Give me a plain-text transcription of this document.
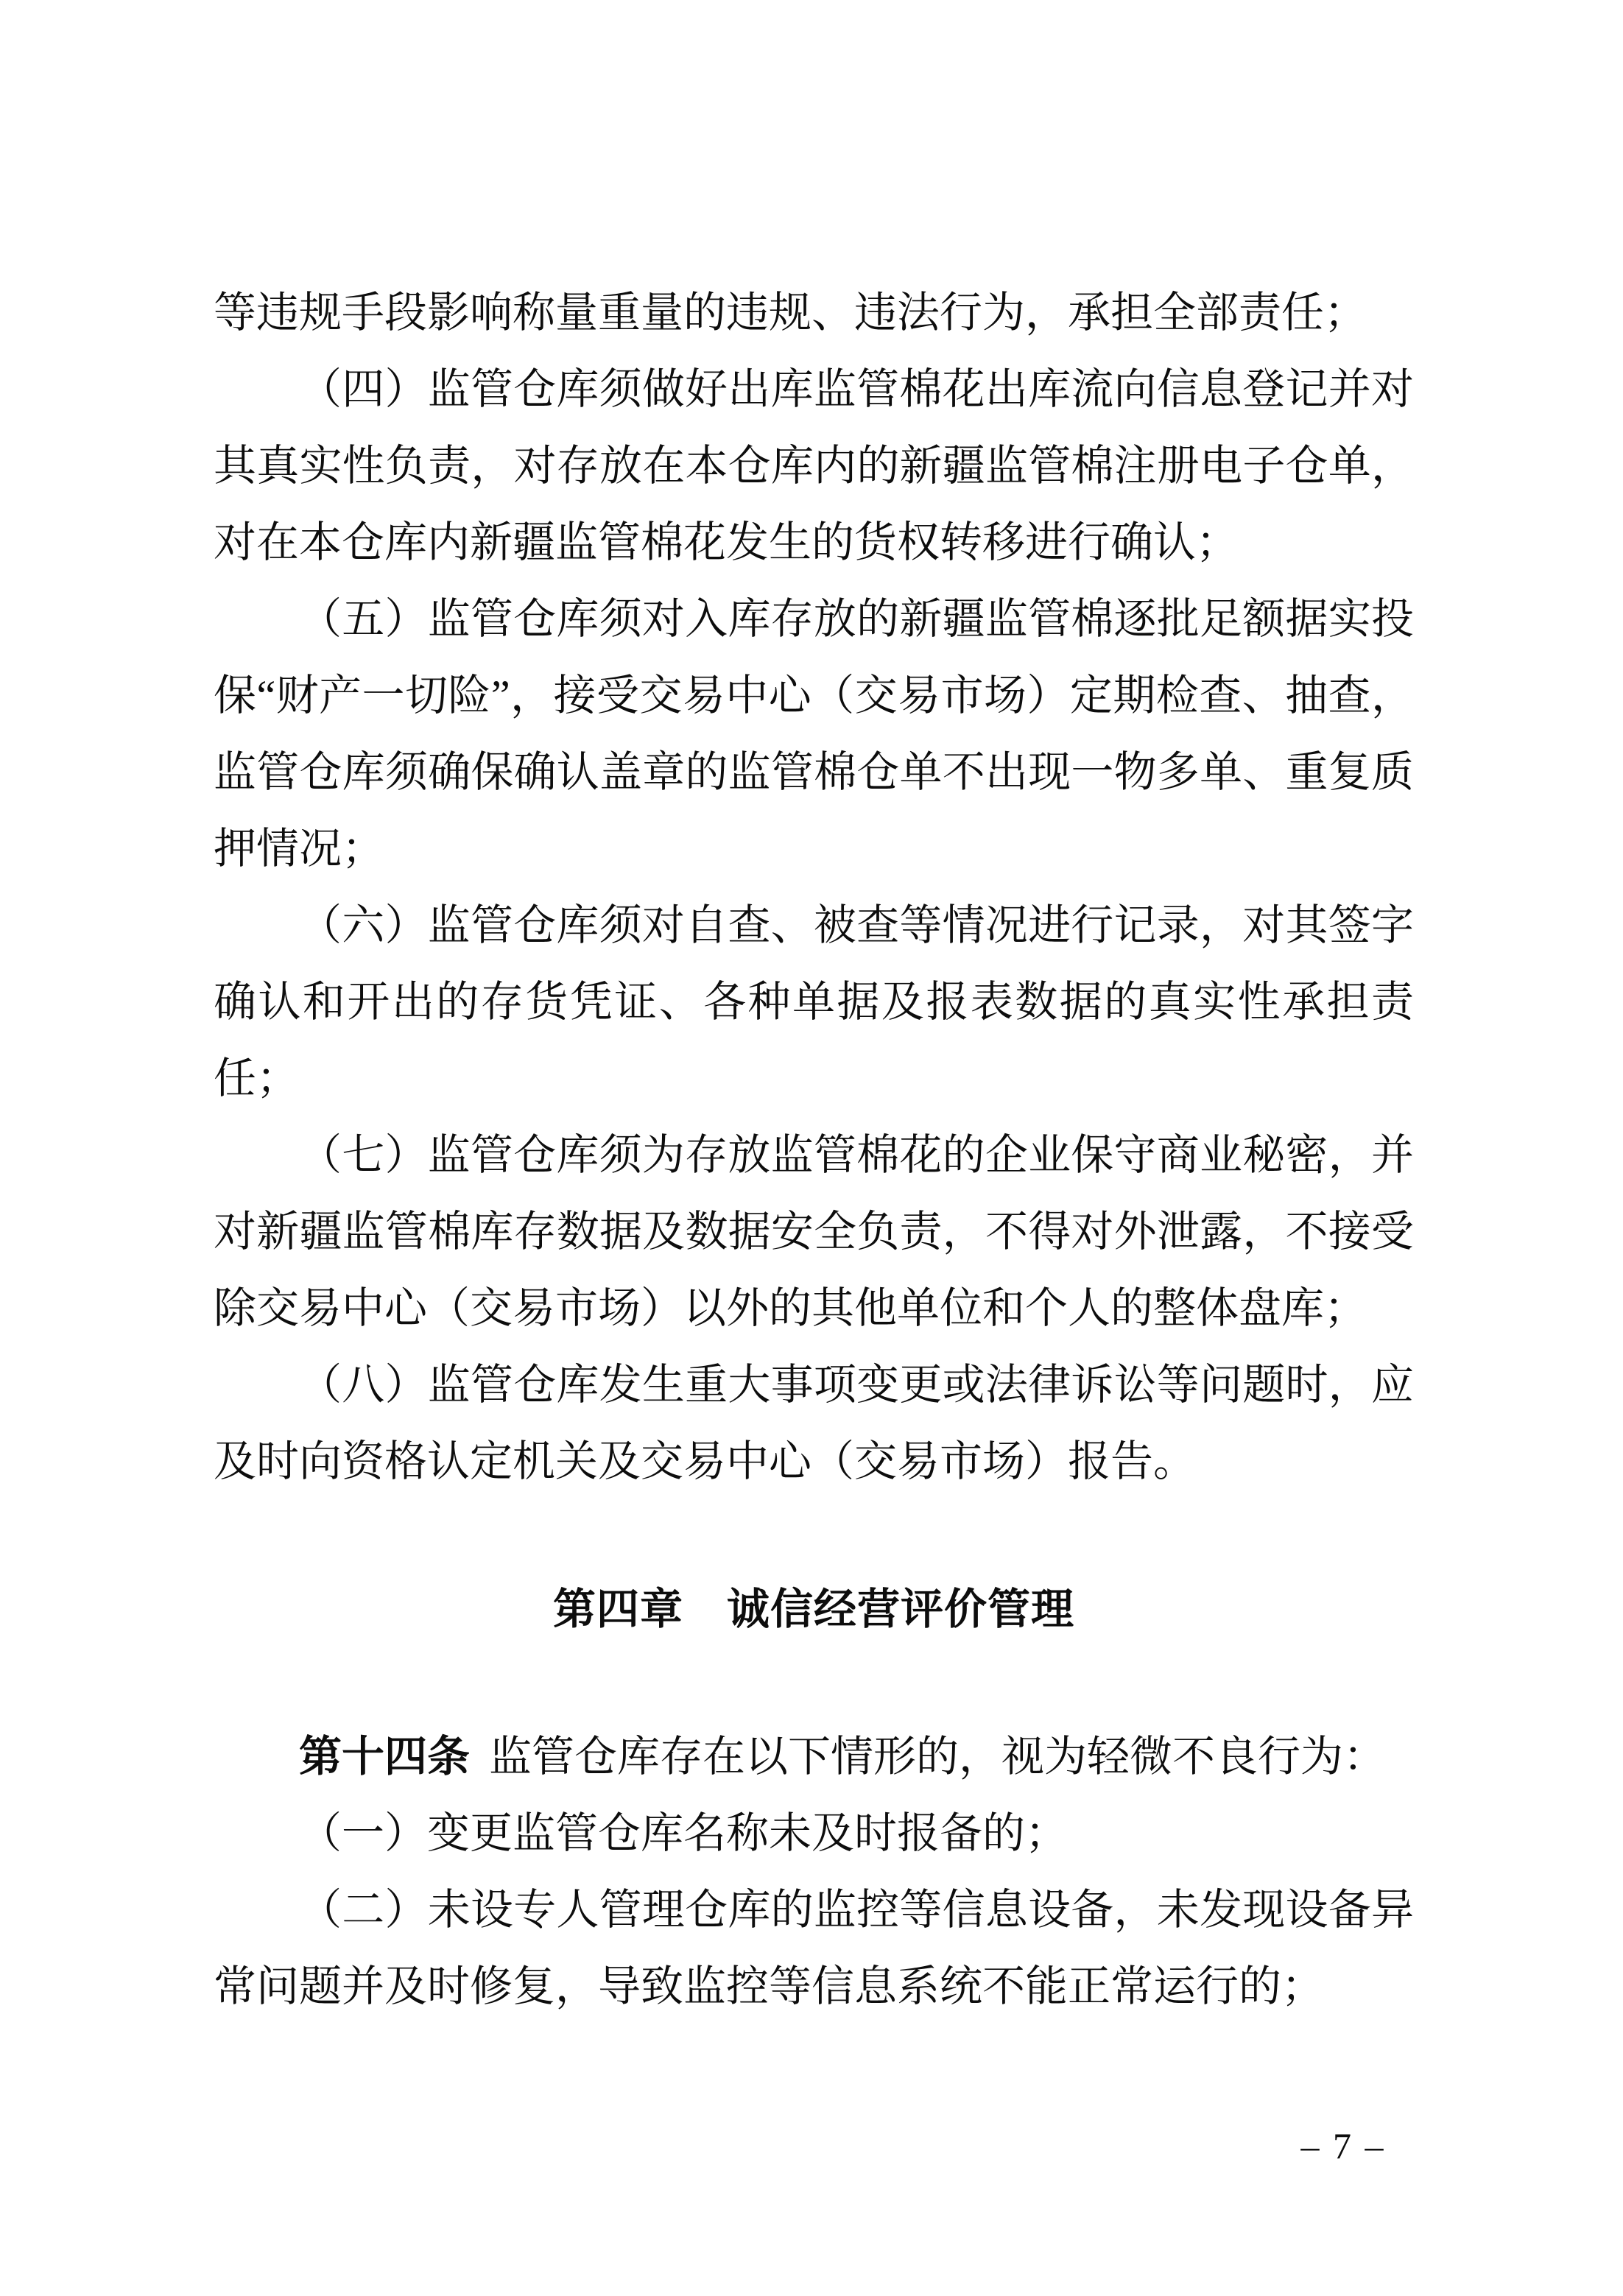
等违规手段影响称量重量的违规、违法行为，承担全部责任；
（四）监管仓库须做好出库监管棉花出库流向信息登记并对
其真实性负责，对存放在本仓库内的新疆监管棉注册电子仓单，
对在本仓库内新疆监管棉花发生的货权转移进行确认；
（五）监管仓库须对入库存放的新疆监管棉逐批足额据实投
保“财产一切险”，接受交易中心（交易市场）定期检查、抽查，
监管仓库须确保确认盖章的监管棉仓单不出现一物多单、重复质
押情况；
（六）监管仓库须对自查、被查等情况进行记录，对其签字
确认和开出的存货凭证、各种单据及报表数据的真实性承担责
任；
（七）监管仓库须为存放监管棉花的企业保守商业秘密，并
对新疆监管棉库存数据及数据安全负责，不得对外泄露，不接受
除交易中心（交易市场）以外的其他单位和个人的整体盘库；
（八）监管仓库发生重大事项变更或法律诉讼等问题时，应
及时向资格认定机关及交易中心（交易市场）报告。
第四章　诚信经营评价管理

第十四条 监管仓库存在以下情形的，视为轻微不良行为：

（一）变更监管仓库名称未及时报备的；
（二）未设专人管理仓库的监控等信息设备，未发现设备异
常问题并及时修复，导致监控等信息系统不能正常运行的；
– 7 –
